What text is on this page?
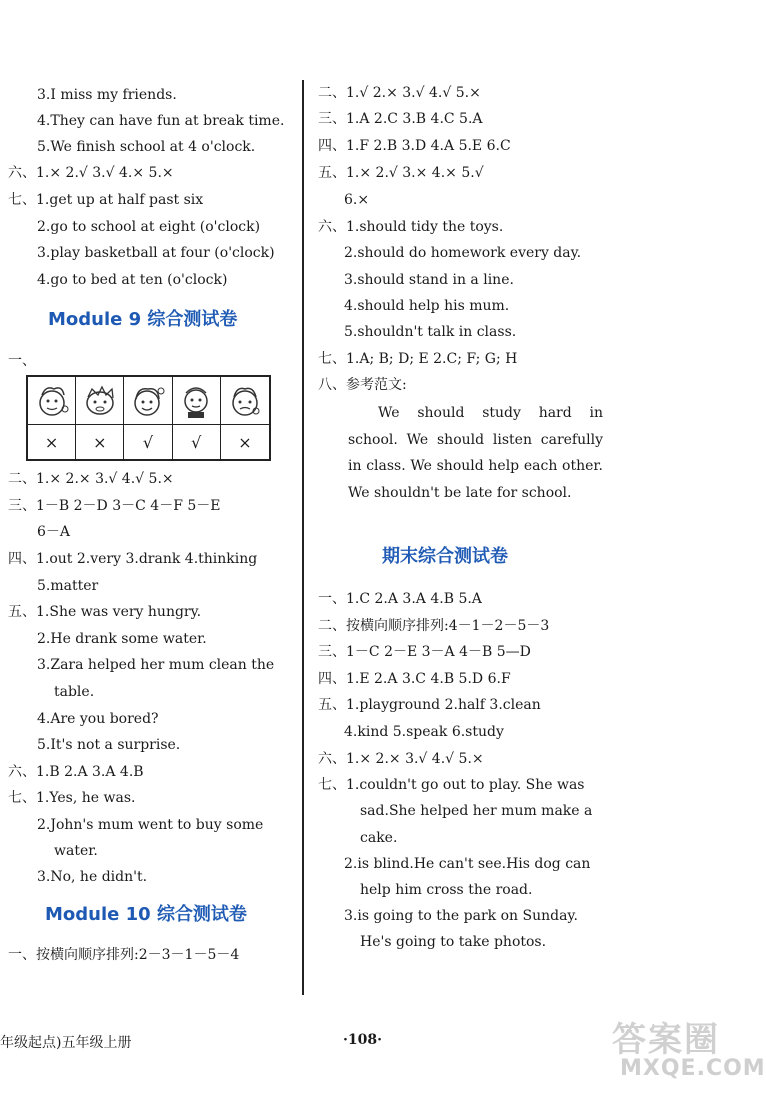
3.I miss my friends.
4.They can have fun at break time.
5.We finish school at 4 o'clock.
六、1.× 2.√ 3.√ 4.× 5.×
七、1.get up at half past six
2.go to school at eight (o'clock)
3.play basketball at four (o'clock)
4.go to bed at ten (o'clock)
Module 9 综合测试卷
一、
×	×	√	√	×
二、1.× 2.× 3.√ 4.√ 5.×
三、1－B 2－D 3－C 4－F 5－E
6－A
四、1.out 2.very 3.drank 4.thinking
5.matter
五、1.She was very hungry.
2.He drank some water.
3.Zara helped her mum clean the
table.
4.Are you bored?
5.It's not a surprise.
六、1.B 2.A 3.A 4.B
七、1.Yes, he was.
2.John's mum went to buy some
water.
3.No, he didn't.
Module 10 综合测试卷
一、按横向顺序排列:2－3－1－5－4
二、1.√ 2.× 3.√ 4.√ 5.×
三、1.A 2.C 3.B 4.C 5.A
四、1.F 2.B 3.D 4.A 5.E 6.C
五、1.× 2.√ 3.× 4.× 5.√
6.×
六、1.should tidy the toys.
2.should do homework every day.
3.should stand in a line.
4.should help his mum.
5.shouldn't talk in class.
七、1.A; B; D; E 2.C; F; G; H
八、参考范文:
We should study hard in school. We should listen carefully in class. We should help each other. We shouldn't be late for school.
期末综合测试卷
一、1.C 2.A 3.A 4.B 5.A
二、按横向顺序排列:4－1－2－5－3
三、1－C 2－E 3－A 4－B 5—D
四、1.E 2.A 3.C 4.B 5.D 6.F
五、1.playground 2.half 3.clean
4.kind 5.speak 6.study
六、1.× 2.× 3.√ 4.√ 5.×
七、1.couldn't go out to play. She was
sad.She helped her mum make a
cake.
2.is blind.He can't see.His dog can
help him cross the road.
3.is going to the park on Sunday.
He's going to take photos.
年级起点)五年级上册	·108·	答案圈
MXQE.COM
